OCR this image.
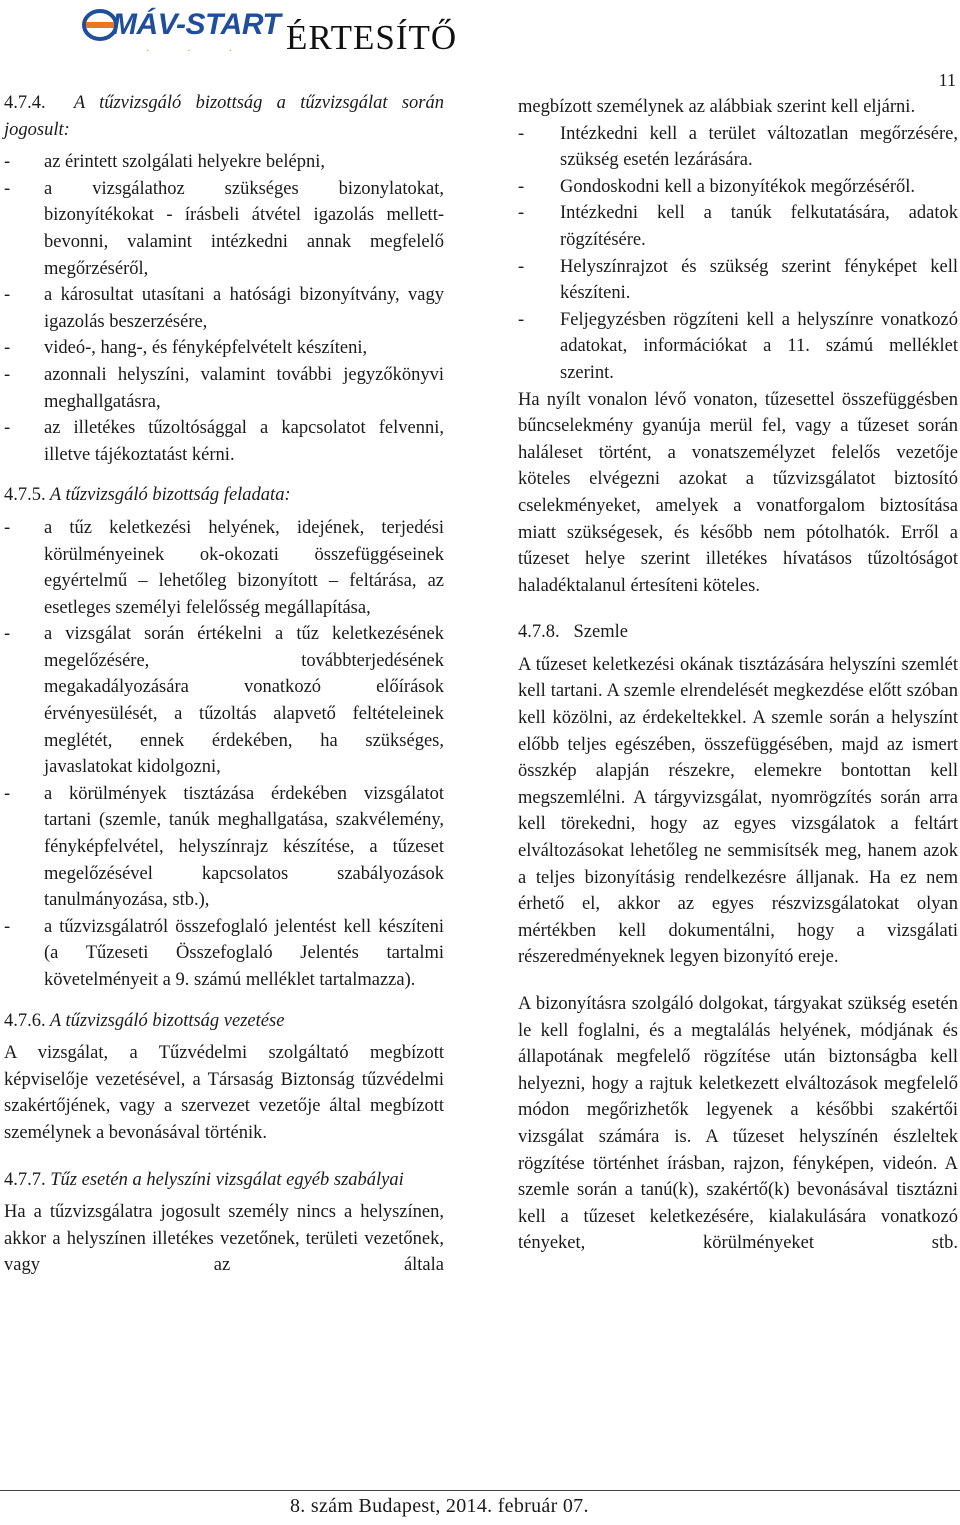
MÁV-START
··· ÉRTESÍTŐ
11

4.7.4. A tűzvizsgáló bizottság a tűzvizsgálat során jogosult:

- az érintett szolgálati helyekre belépni,
- a vizsgálathoz szükséges bizonylatokat, bizonyítékokat - írásbeli átvétel igazolás mellett- bevonni, valamint intézkedni annak megfelelő megőrzéséről,
- a károsultat utasítani a hatósági bizonyítvány, vagy igazolás beszerzésére,
- videó-, hang-, és fényképfelvételt készíteni,
- azonnali helyszíni, valamint további jegyzőkönyvi meghallgatásra,
- az illetékes tűzoltósággal a kapcsolatot felvenni, illetve tájékoztatást kérni.

4.7.5. A tűzvizsgáló bizottság feladata:

- a tűz keletkezési helyének, idejének, terjedési körülményeinek ok-okozati összefüggéseinek egyértelmű – lehetőleg bizonyított – feltárása, az esetleges személyi felelősség megállapítása,
- a vizsgálat során értékelni a tűz keletkezésének megelőzésére, továbbterjedésének megakadályozására vonatkozó előírások érvényesülését, a tűzoltás alapvető feltételeinek meglétét, ennek érdekében, ha szükséges, javaslatokat kidolgozni,
- a körülmények tisztázása érdekében vizsgálatot tartani (szemle, tanúk meghallgatása, szakvélemény, fényképfelvétel, helyszínrajz készítése, a tűzeset megelőzésével kapcsolatos szabályozások tanulmányozása, stb.),
- a tűzvizsgálatról összefoglaló jelentést kell készíteni (a Tűzeseti Összefoglaló Jelentés tartalmi követelményeit a 9. számú melléklet tartalmazza).

4.7.6. A tűzvizsgáló bizottság vezetése

A vizsgálat, a Tűzvédelmi szolgáltató megbízott képviselője vezetésével, a Társaság Biztonság tűzvédelmi szakértőjének, vagy a szervezet vezetője által megbízott személynek a bevonásával történik.

4.7.7. Tűz esetén a helyszíni vizsgálat egyéb szabályai

Ha a tűzvizsgálatra jogosult személy nincs a helyszínen, akkor a helyszínen illetékes vezetőnek, területi vezetőnek, vagy az általa

megbízott személynek az alábbiak szerint kell eljárni.

- Intézkedni kell a terület változatlan megőrzésére, szükség esetén lezárására.
- Gondoskodni kell a bizonyítékok megőrzéséről.
- Intézkedni kell a tanúk felkutatására, adatok rögzítésére.
- Helyszínrajzot és szükség szerint fényképet kell készíteni.
- Feljegyzésben rögzíteni kell a helyszínre vonatkozó adatokat, információkat a 11. számú melléklet szerint.

Ha nyílt vonalon lévő vonaton, tűzesettel összefüggésben bűncselekmény gyanúja merül fel, vagy a tűzeset során haláleset történt, a vonatszemélyzet felelős vezetője köteles elvégezni azokat a tűzvizsgálatot biztosító cselekményeket, amelyek a vonatforgalom biztosítása miatt szükségesek, és később nem pótolhatók. Erről a tűzeset helye szerint illetékes hívatásos tűzoltóságot haladéktalanul értesíteni köteles.

4.7.8. Szemle

A tűzeset keletkezési okának tisztázására helyszíni szemlét kell tartani. A szemle elrendelését megkezdése előtt szóban kell közölni, az érdekeltekkel. A szemle során a helyszínt előbb teljes egészében, összefüggésében, majd az ismert összkép alapján részekre, elemekre bontottan kell megszemlélni. A tárgyvizsgálat, nyomrögzítés során arra kell törekedni, hogy az egyes vizsgálatok a feltárt elváltozásokat lehetőleg ne semmisítsék meg, hanem azok a teljes bizonyításig rendelkezésre álljanak. Ha ez nem érhető el, akkor az egyes részvizsgálatokat olyan mértékben kell dokumentálni, hogy a vizsgálati részeredményeknek legyen bizonyító ereje.

A bizonyításra szolgáló dolgokat, tárgyakat szükség esetén le kell foglalni, és a megtalálás helyének, módjának és állapotának megfelelő rögzítése után biztonságba kell helyezni, hogy a rajtuk keletkezett elváltozások megfelelő módon megőrizhetők legyenek a későbbi szakértői vizsgálat számára is. A tűzeset helyszínén észleltek rögzítése történhet írásban, rajzon, fényképen, videón. A szemle során a tanú(k), szakértő(k) bevonásával tisztázni kell a tűzeset keletkezésére, kialakulására vonatkozó tényeket, körülményeket stb.

8. szám Budapest, 2014. február 07.
